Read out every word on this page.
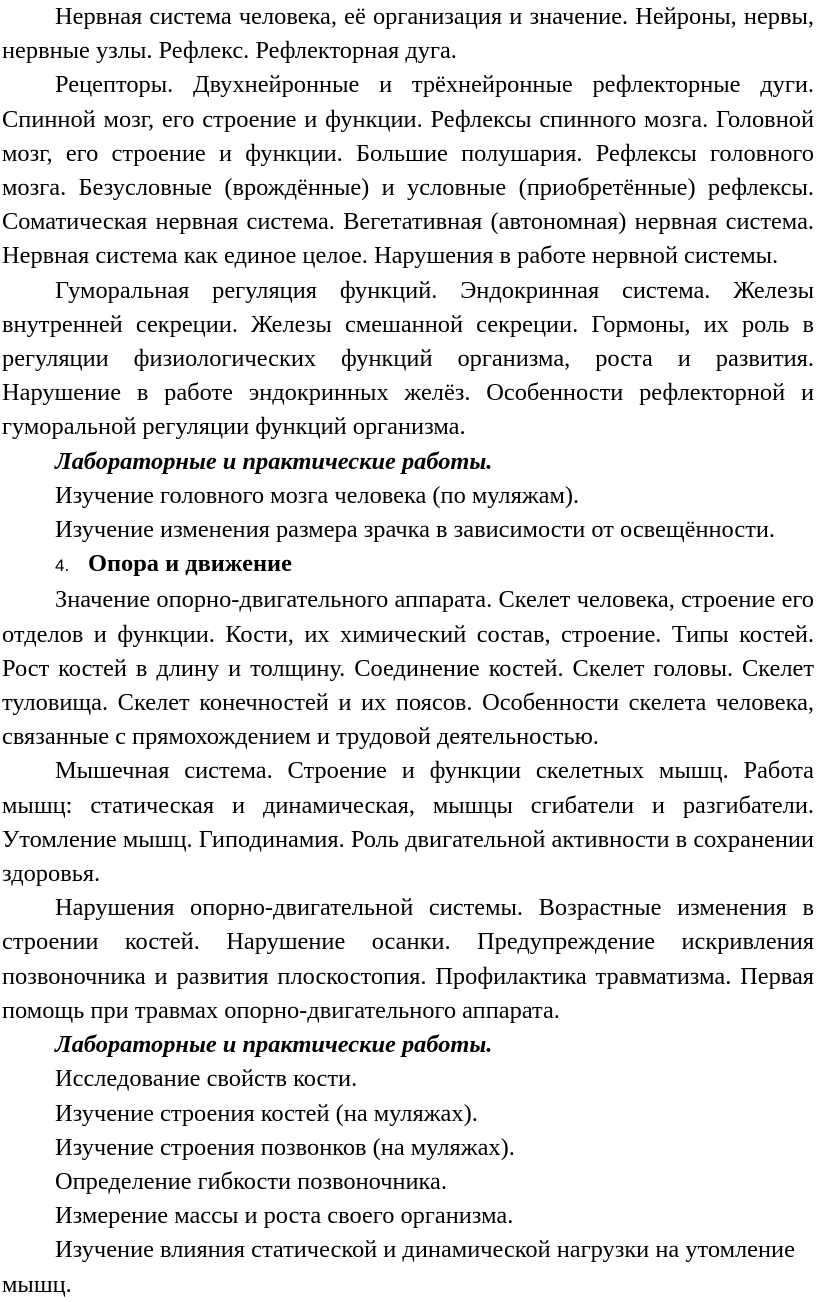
Нервная система человека, её организация и значение. Нейроны, нервы, нервные узлы. Рефлекс. Рефлекторная дуга.

Рецепторы. Двухнейронные и трёхнейронные рефлекторные дуги. Спинной мозг, его строение и функции. Рефлексы спинного мозга. Головной мозг, его строение и функции. Большие полушария. Рефлексы головного мозга. Безусловные (врождённые) и условные (приобретённые) рефлексы. Соматическая нервная система. Вегетативная (автономная) нервная система. Нервная система как единое целое. Нарушения в работе нервной системы.

Гуморальная регуляция функций. Эндокринная система. Железы внутренней секреции. Железы смешанной секреции. Гормоны, их роль в регуляции физиологических функций организма, роста и развития. Нарушение в работе эндокринных желёз. Особенности рефлекторной и гуморальной регуляции функций организма.

Лабораторные и практические работы.

Изучение головного мозга человека (по муляжам).

Изучение изменения размера зрачка в зависимости от освещённости.

4. Опора и движение

Значение опорно-двигательного аппарата. Скелет человека, строение его отделов и функции. Кости, их химический состав, строение. Типы костей. Рост костей в длину и толщину. Соединение костей. Скелет головы. Скелет туловища. Скелет конечностей и их поясов. Особенности скелета человека, связанные с прямохождением и трудовой деятельностью.

Мышечная система. Строение и функции скелетных мышц. Работа мышц: статическая и динамическая, мышцы сгибатели и разгибатели. Утомление мышц. Гиподинамия. Роль двигательной активности в сохранении здоровья.

Нарушения опорно-двигательной системы. Возрастные изменения в строении костей. Нарушение осанки. Предупреждение искривления позвоночника и развития плоскостопия. Профилактика травматизма. Первая помощь при травмах опорно-двигательного аппарата.

Лабораторные и практические работы.

Исследование свойств кости.

Изучение строения костей (на муляжах).

Изучение строения позвонков (на муляжах).

Определение гибкости позвоночника.

Измерение массы и роста своего организма.

Изучение влияния статической и динамической нагрузки на утомление мышц.
